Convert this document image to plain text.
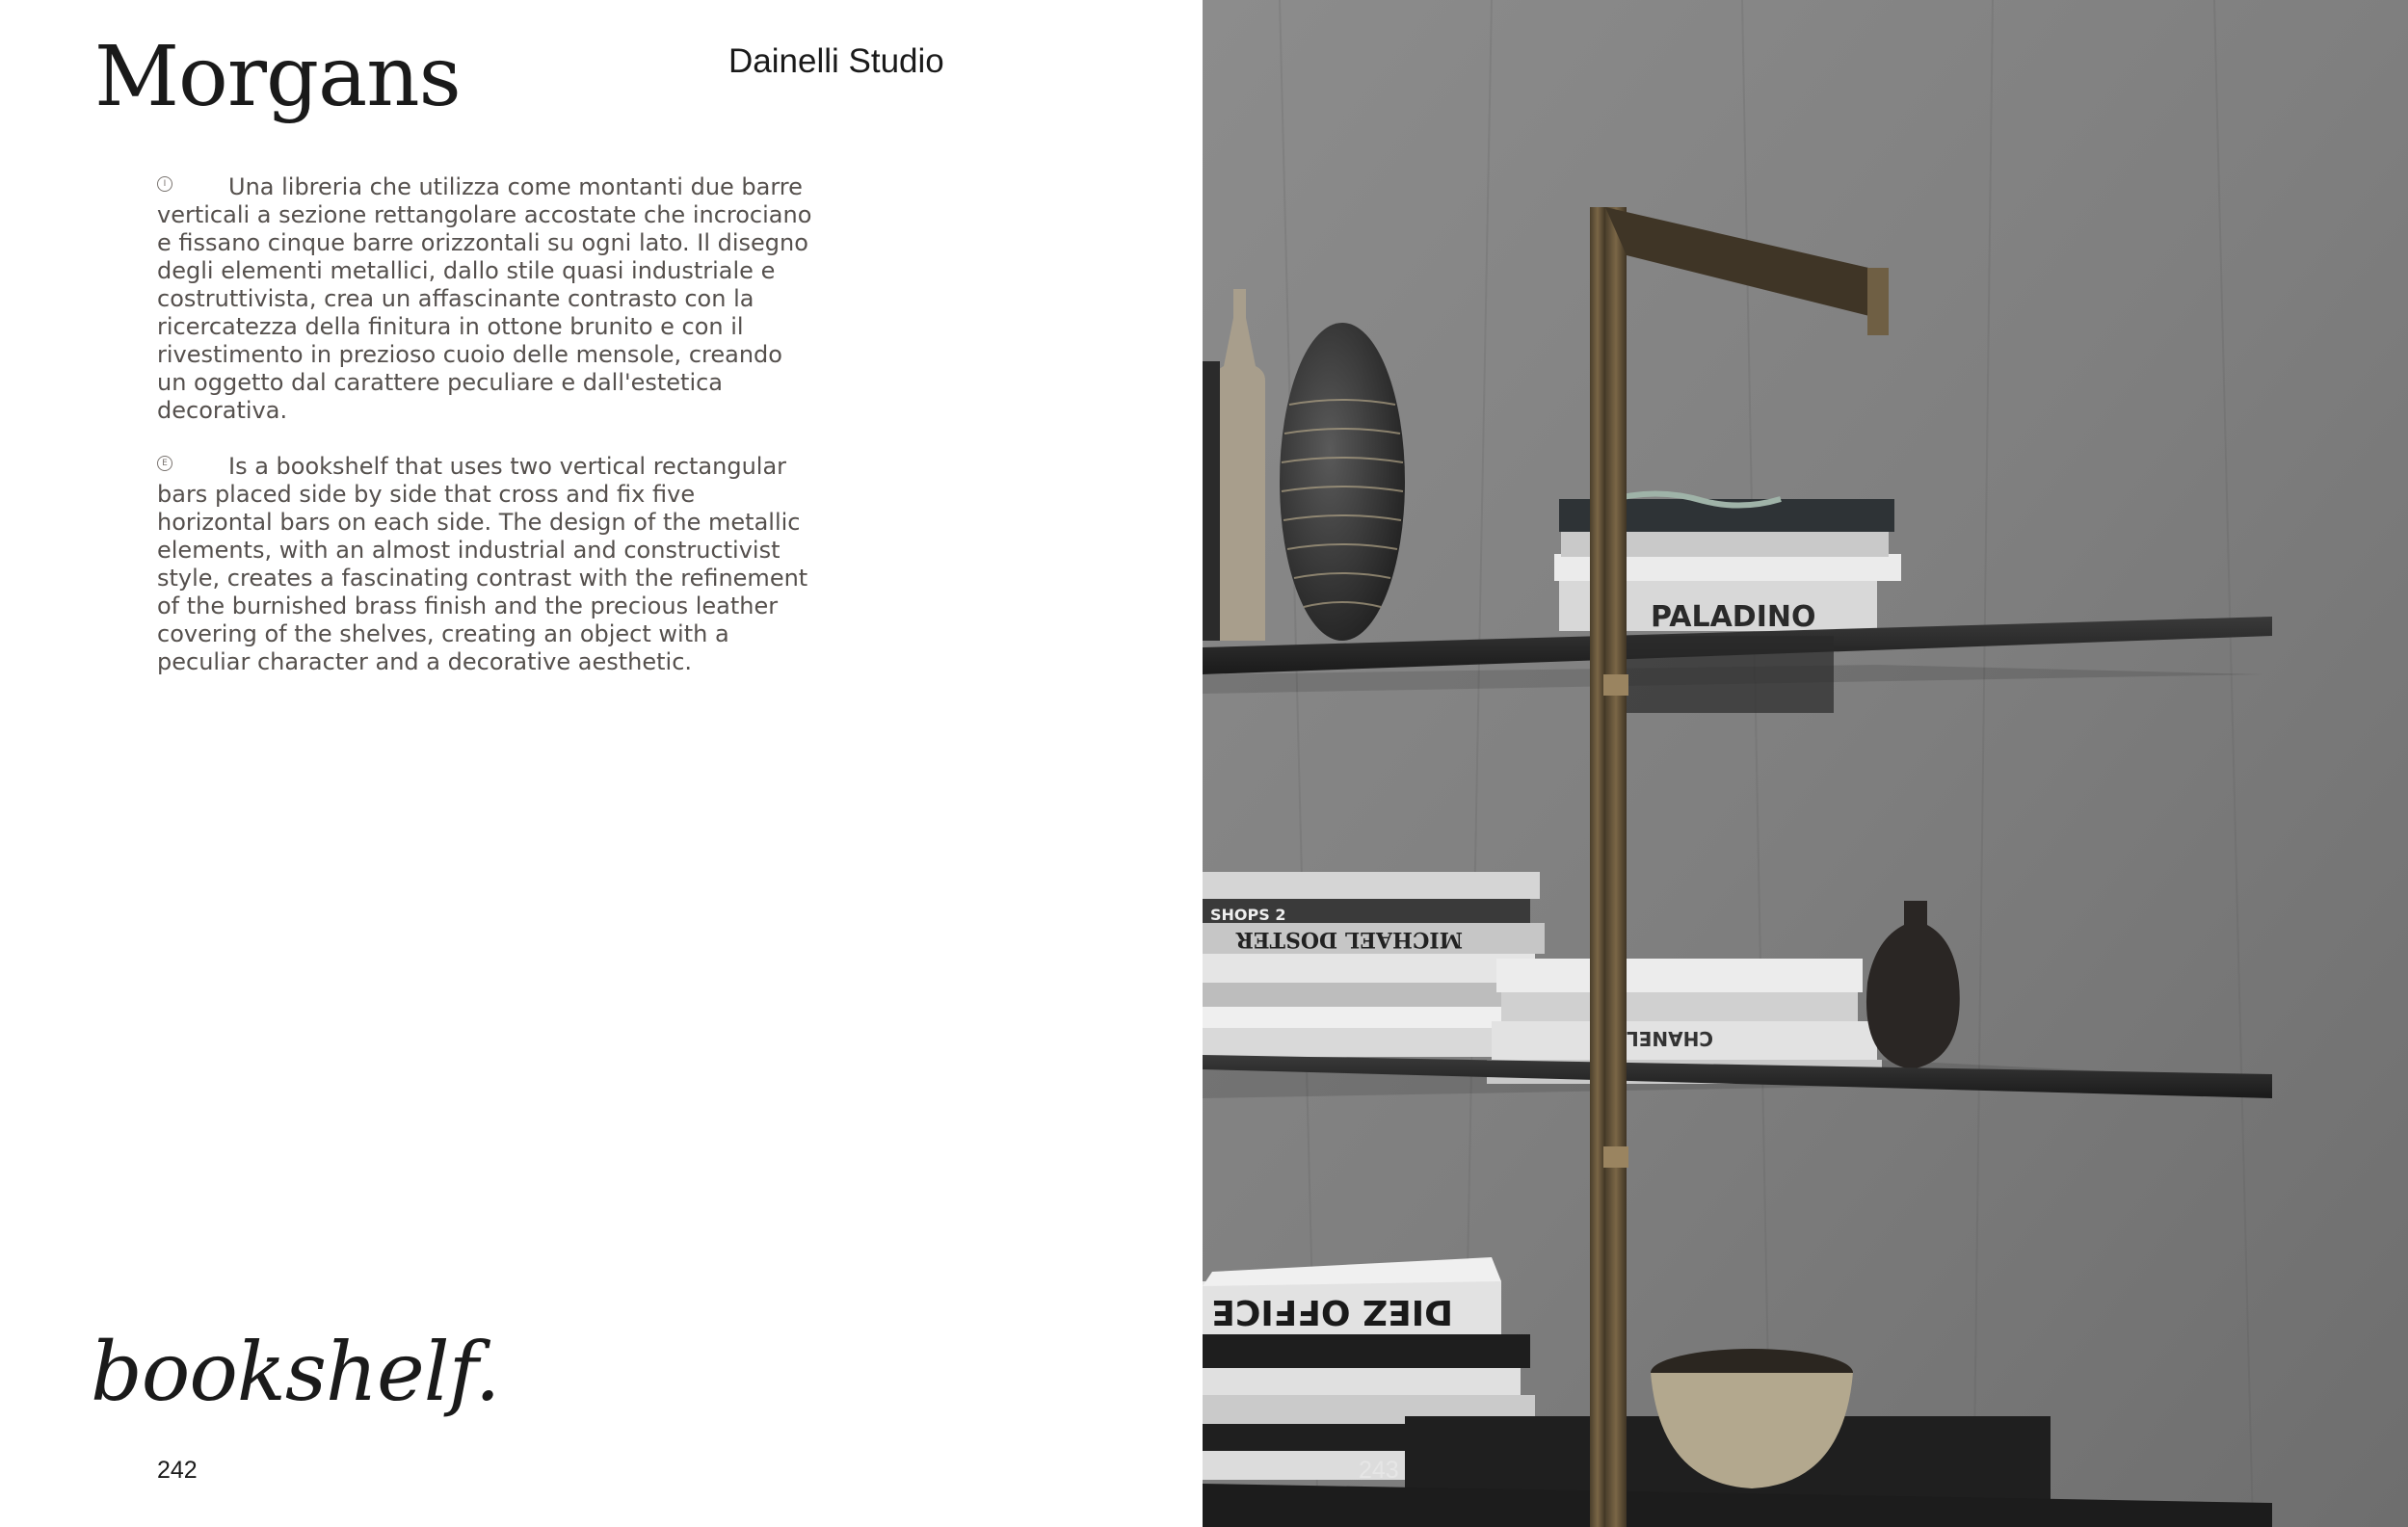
Morgans	Dainelli Studio

I	Una libreria che utilizza come montanti due barre verticali a sezione rettangolare accostate che incrociano e fissano cinque barre orizzontali su ogni lato. Il disegno degli elementi metallici, dallo stile quasi industriale e costruttivista, crea un affascinante contrasto con la ricercatezza della finitura in ottone brunito e con il rivestimento in prezioso cuoio delle mensole, creando un oggetto dal carattere peculiare e dall'estetica decorativa.

E	Is a bookshelf that uses two vertical rectangular bars placed side by side that cross and fix five horizontal bars on each side. The design of the metallic elements, with an almost industrial and constructivist style, creates a fascinating contrast with the refinement of the burnished brass finish and the precious leather covering of the shelves, creating an object with a peculiar character and a decorative aesthetic.

bookshelf.
242
PALADINO
MICHAEL DOSTER
SHOPS 2
CHANEL
DIEZ OFFICE
243
